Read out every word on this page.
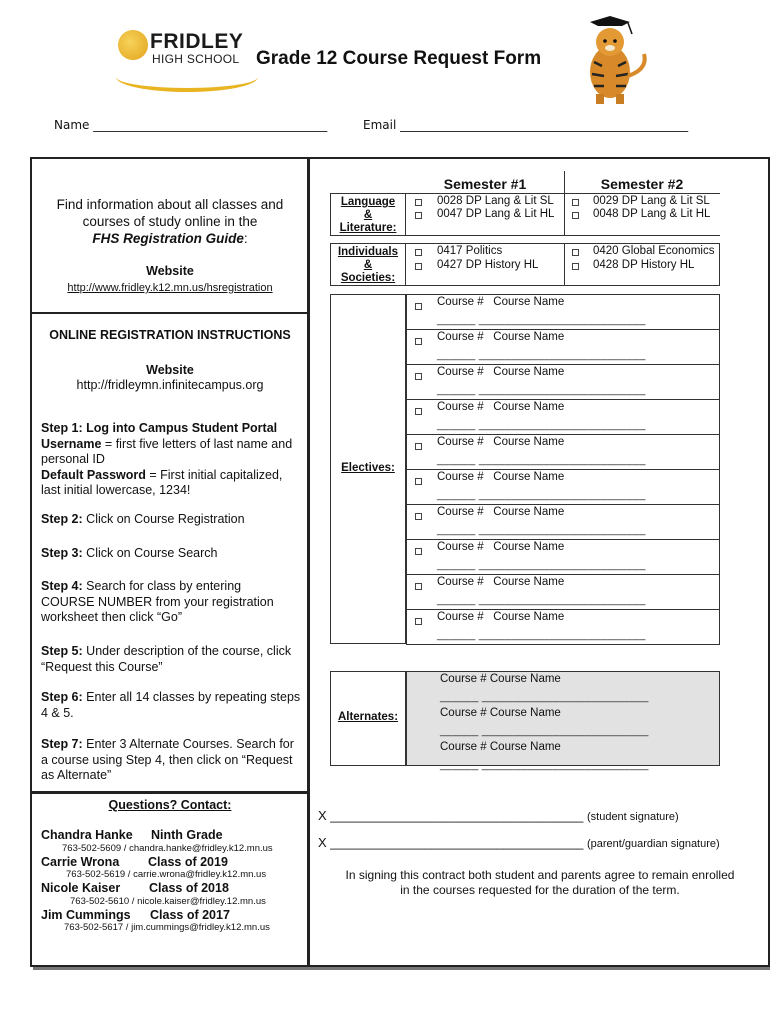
FRIDLEY
HIGH SCHOOL Grade 12 Course Request Form
Name _______________________________________	Email ________________________________________________
Find information about all classes and
courses of study online in the
FHS Registration Guide:
Website
http://www.fridley.k12.mn.us/hsregistration
ONLINE REGISTRATION INSTRUCTIONS
Website
http://fridleymn.infinitecampus.org
Step 1: Log into Campus Student Portal
Username = first five letters of last name and
personal ID
Default Password = First initial capitalized,
last initial lowercase, 1234!
Step 2: Click on Course Registration
Step 3: Click on Course Search
Step 4: Search for class by entering
COURSE NUMBER from your registration
worksheet then click “Go”
Step 5: Under description of the course, click
“Request this Course”
Step 6: Enter all 14 classes by repeating steps
4 & 5.
Step 7: Enter 3 Alternate Courses. Search for
a course using Step 4, then click on “Request
as Alternate”
Questions? Contact:
Chandra Hanke Ninth Grade
763-502-5609 / chandra.hanke@fridley.k12.mn.us
Carrie Wrona Class of 2019
763-502-5619 / carrie.wrona@fridley.k12.mn.us
Nicole Kaiser Class of 2018
763-502-5610 / nicole.kaiser@fridley.12.mn.us
Jim Cummings Class of 2017
763-502-5617 / jim.cummings@fridley.k12.mn.us
Semester #1	Semester #2
Language
&
Literature:
0028 DP Lang & Lit SL
0047 DP Lang & Lit HL
0029 DP Lang & Lit SL
0048 DP Lang & Lit HL
Individuals
&
Societies:
0417 Politics
0427 DP History HL
0420 Global Economics
0428 DP History HL
Electives:
Course # Course Name
______ __________________________
Course # Course Name
______ __________________________
Course # Course Name
______ __________________________
Course # Course Name
______ __________________________
Course # Course Name
______ __________________________
Course # Course Name
______ __________________________
Course # Course Name
______ __________________________
Course # Course Name
______ __________________________
Course # Course Name
______ __________________________
Course # Course Name
______ __________________________
Alternates:
Course # Course Name
______ __________________________
Course # Course Name
______ __________________________
Course # Course Name
______ __________________________
X ___________________________________ (student signature)
X ___________________________________ (parent/guardian signature)
In signing this contract both student and parents agree to remain enrolled
in the courses requested for the duration of the term.
